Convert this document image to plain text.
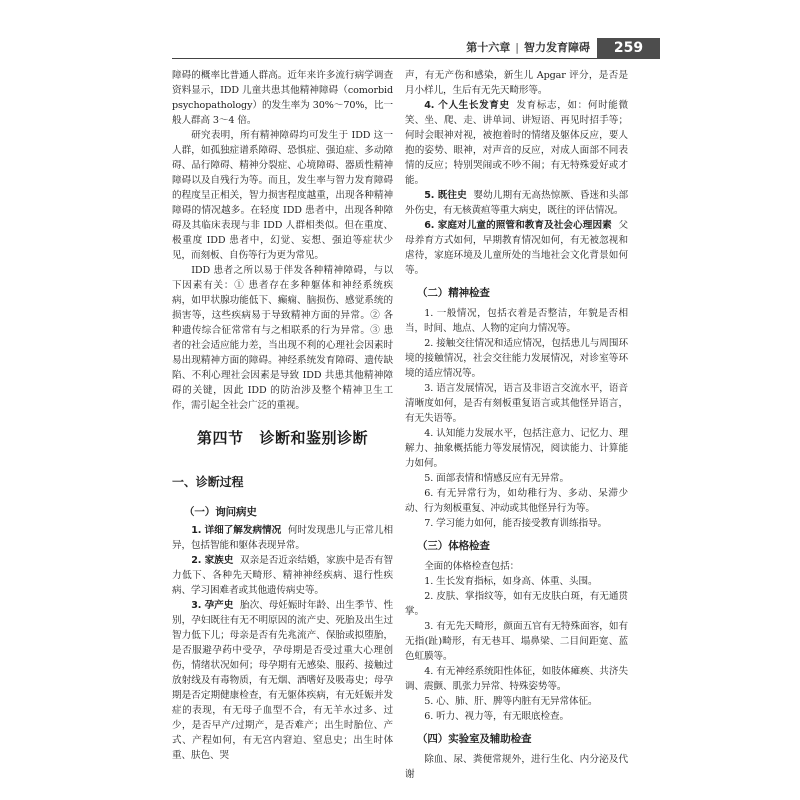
第十六章 | 智力发育障碍	259

障碍的概率比普通人群高。近年来许多流行病学调查资料显示，IDD 儿童共患其他精神障碍（comorbid psychopathology）的发生率为 30%～70%，比一般人群高 3～4 倍。

研究表明，所有精神障碍均可发生于 IDD 这一人群，如孤独症谱系障碍、恐惧症、强迫症、多动障碍、品行障碍、精神分裂症、心境障碍、器质性精神障碍以及自残行为等。而且，发生率与智力发育障碍的程度呈正相关，智力损害程度越重，出现各种精神障碍的情况越多。在轻度 IDD 患者中，出现各种障碍及其临床表现与非 IDD 人群相类似。但在重度、极重度 IDD 患者中，幻觉、妄想、强迫等症状少见，而刻板、自伤等行为更为常见。

IDD 患者之所以易于伴发各种精神障碍，与以下因素有关：① 患者存在多种躯体和神经系统疾病，如甲状腺功能低下、癫痫、脑损伤、感觉系统的损害等，这些疾病易于导致精神方面的异常。② 各种遗传综合征常常有与之相联系的行为异常。③ 患者的社会适应能力差，当出现不利的心理社会因素时易出现精神方面的障碍。神经系统发育障碍、遗传缺陷、不利心理社会因素是导致 IDD 共患其他精神障碍的关键，因此 IDD 的防治涉及整个精神卫生工作，需引起全社会广泛的重视。

第四节 诊断和鉴别诊断
一、诊断过程
（一）询问病史

1. 详细了解发病情况 何时发现患儿与正常儿相异，包括智能和躯体表现异常。

2. 家族史 双亲是否近亲结婚，家族中是否有智力低下、各种先天畸形、精神神经疾病、退行性疾病、学习困难者或其他遗传病史等。

3. 孕产史 胎次、母妊娠时年龄、出生季节、性别，孕妇既往有无不明原因的流产史、死胎及出生过智力低下儿；母亲是否有先兆流产、保胎或拟堕胎，是否服避孕药中受孕，孕母期是否受过重大心理创伤，情绪状况如何；母孕期有无感染、服药、接触过放射线及有毒物质，有无烟、酒嗜好及吸毒史；母孕期是否定期健康检查，有无躯体疾病，有无妊娠并发症的表现，有无母子血型不合，有无羊水过多、过少，是否早产/过期产，是否难产；出生时胎位、产式、产程如何，有无宫内窘迫、窒息史；出生时体重、肤色、哭

声，有无产伤和感染，新生儿 Apgar 评分，是否是月小样儿，生后有无先天畸形等。

4. 个人生长发育史 发育标志，如：何时能微笑、坐、爬、走、讲单词、讲短语、再见时招手等；何时会眼神对视，被抱着时的情绪及躯体反应，要人抱的姿势、眼神，对声音的反应，对成人面部不同表情的反应；特别哭闹或不吵不闹；有无特殊爱好或才能。

5. 既往史 婴幼儿期有无高热惊厥、昏迷和头部外伤史，有无核黄疸等重大病史，既往的评估情况。

6. 家庭对儿童的照管和教育及社会心理因素 父母养育方式如何，早期教育情况如何，有无被忽视和虐待，家庭环境及儿童所处的当地社会文化背景如何等。

（二）精神检查

1. 一般情况，包括衣着是否整洁，年貌是否相当，时间、地点、人物的定向力情况等。

2. 接触交往情况和适应情况，包括患儿与周围环境的接触情况，社会交往能力发展情况，对诊室等环境的适应情况等。

3. 语言发展情况，语言及非语言交流水平，语音清晰度如何，是否有刻板重复语言或其他怪异语言，有无失语等。

4. 认知能力发展水平，包括注意力、记忆力、理解力、抽象概括能力等发展情况，阅读能力、计算能力如何。

5. 面部表情和情感反应有无异常。

6. 有无异常行为，如幼稚行为、多动、呆滞少动、行为刻板重复、冲动或其他怪异行为等。

7. 学习能力如何，能否接受教育训练指导。

（三）体格检查

全面的体格检查包括：

1. 生长发育指标，如身高、体重、头围。

2. 皮肤、掌指纹等，如有无皮肤白斑，有无通贯掌。

3. 有无先天畸形，颜面五官有无特殊面容，如有无指(趾)畸形，有无巷耳、塌鼻梁、二目间距宽、蓝色虹膜等。

4. 有无神经系统阳性体征，如肢体瘫痪、共济失调、震颤、肌张力异常、特殊姿势等。

5. 心、肺、肝、脾等内脏有无异常体征。

6. 听力、视力等，有无眼底检查。

（四）实验室及辅助检查

除血、尿、粪便常规外，进行生化、内分泌及代谢
